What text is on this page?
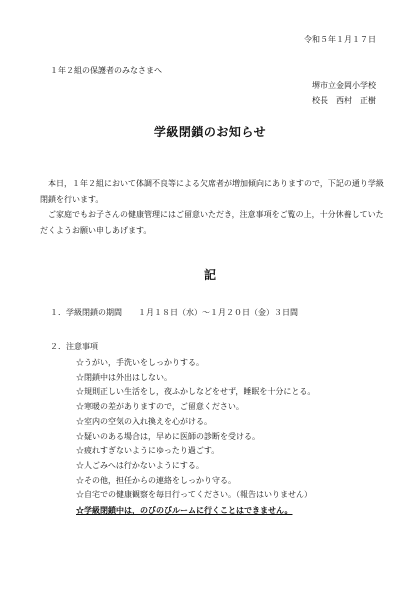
令和５年１月１７日
１年２組の保護者のみなさまへ
堺市立金岡小学校
校長　西村　正樹
学級閉鎖のお知らせ

　本日，１年２組において体調不良等による欠席者が増加傾向にありますので，下記の通り学級閉鎖を行います。

　ご家庭でもお子さんの健康管理にはご留意いただき，注意事項をご覧の上，十分休養していただくようお願い申しあげます。

記
１．学級閉鎖の期間 １月１８日（水）～１月２０日（金）３日間
２．注意事項
☆うがい，手洗いをしっかりする。
☆閉鎖中は外出はしない。
☆規則正しい生活をし，夜ふかしなどをせず，睡眠を十分にとる。
☆寒暖の差がありますので，ご留意ください。
☆室内の空気の入れ換えを心がける。
☆疑いのある場合は，早めに医師の診断を受ける。
☆疲れすぎないようにゆったり過ごす。
☆人ごみへは行かないようにする。
☆その他，担任からの連絡をしっかり守る。
☆自宅での健康観察を毎日行ってください。（報告はいりません）
☆学級閉鎖中は，のびのびルームに行くことはできません。
